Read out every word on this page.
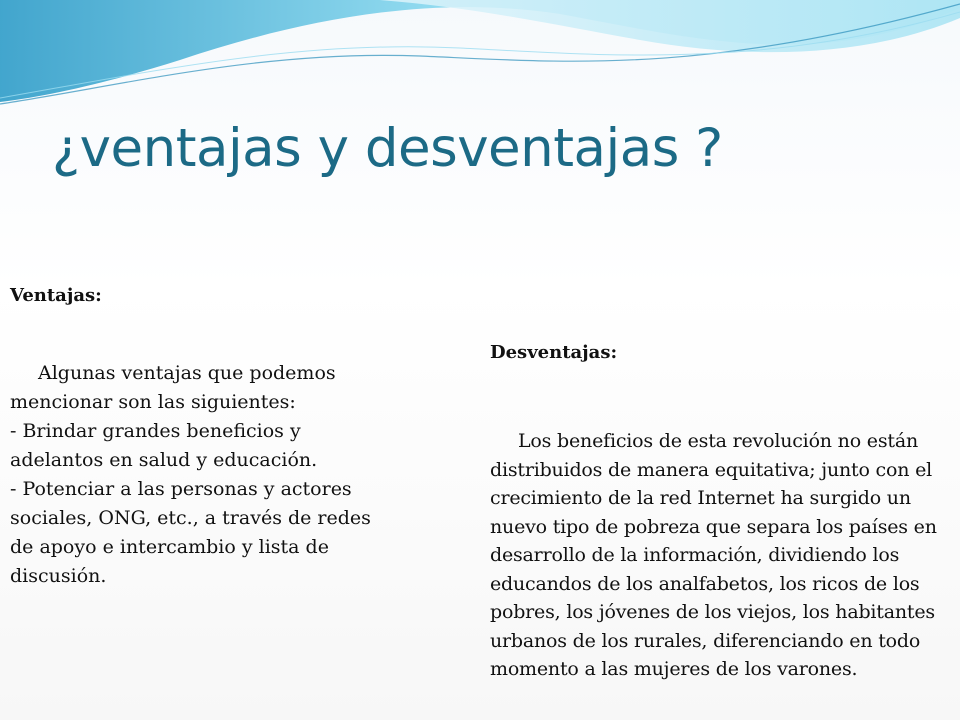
¿ventajas y desventajas ?

Ventajas:

Algunas ventajas que podemos mencionar son las siguientes:

- Brindar grandes beneficios y adelantos en salud y educación.

- Potenciar a las personas y actores sociales, ONG, etc., a través de redes de apoyo e intercambio y lista de discusión.

Desventajas:

Los beneficios de esta revolución no están distribuidos de manera equitativa; junto con el crecimiento de la red Internet ha surgido un nuevo tipo de pobreza que separa los países en desarrollo de la información, dividiendo los educandos de los analfabetos, los ricos de los pobres, los jóvenes de los viejos, los habitantes urbanos de los rurales, diferenciando en todo momento a las mujeres de los varones.
